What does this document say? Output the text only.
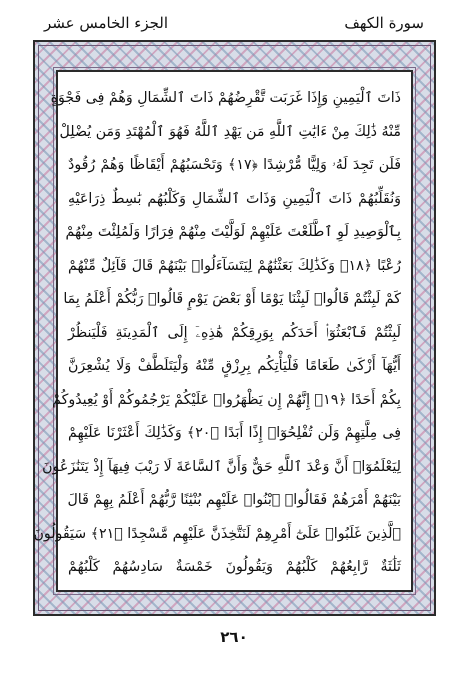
سورة الكهف
الجزء الخامس عشر
ذَاتَ ٱلْيَمِينِ وَإِذَا غَرَبَت تَّقْرِضُهُمْ ذَاتَ ٱلشِّمَالِ وَهُمْ فِى فَجْوَةٍ
مِّنْهُ ذَٰلِكَ مِنْ ءَايَٰتِ ٱللَّهِ مَن يَهْدِ ٱللَّهُ فَهُوَ ٱلْمُهْتَدِ وَمَن يُضْلِلْ
فَلَن تَجِدَ لَهُۥ وَلِيًّا مُّرْشِدًا ﴿١٧﴾ وَتَحْسَبُهُمْ أَيْقَاظًا وَهُمْ رُقُودٌ
وَنُقَلِّبُهُمْ ذَاتَ ٱلْيَمِينِ وَذَاتَ ٱلشِّمَالِ وَكَلْبُهُم بَٰسِطٌ ذِرَاعَيْهِ
بِٱلْوَصِيدِ لَوِ ٱطَّلَعْتَ عَلَيْهِمْ لَوَلَّيْتَ مِنْهُمْ فِرَارًا وَلَمُلِئْتَ مِنْهُمْ
رُعْبًا ﴿١٨﴾ وَكَذَٰلِكَ بَعَثْنَٰهُمْ لِيَتَسَآءَلُوا۟ بَيْنَهُمْ قَالَ قَآئِلٌ مِّنْهُمْ
كَمْ لَبِثْتُمْ قَالُوا۟ لَبِثْنَا يَوْمًا أَوْ بَعْضَ يَوْمٍ قَالُوا۟ رَبُّكُمْ أَعْلَمُ بِمَا
لَبِثْتُمْ فَٱبْعَثُوٓا۟ أَحَدَكُم بِوَرِقِكُمْ هَٰذِهِۦٓ إِلَى ٱلْمَدِينَةِ فَلْيَنظُرْ
أَيُّهَآ أَزْكَىٰ طَعَامًا فَلْيَأْتِكُم بِرِزْقٍ مِّنْهُ وَلْيَتَلَطَّفْ وَلَا يُشْعِرَنَّ
بِكُمْ أَحَدًا ﴿١٩﴾ إِنَّهُمْ إِن يَظْهَرُوا۟ عَلَيْكُمْ يَرْجُمُوكُمْ أَوْ يُعِيدُوكُمْ
فِى مِلَّتِهِمْ وَلَن تُفْلِحُوٓا۟ إِذًا أَبَدًا ﴿٢٠﴾ وَكَذَٰلِكَ أَعْثَرْنَا عَلَيْهِمْ
لِيَعْلَمُوٓا۟ أَنَّ وَعْدَ ٱللَّهِ حَقٌّ وَأَنَّ ٱلسَّاعَةَ لَا رَيْبَ فِيهَآ إِذْ يَتَنَٰزَعُونَ
بَيْنَهُمْ أَمْرَهُمْ فَقَالُوا۟ ٱبْنُوا۟ عَلَيْهِم بُنْيَٰنًا رَّبُّهُمْ أَعْلَمُ بِهِمْ قَالَ
ٱلَّذِينَ غَلَبُوا۟ عَلَىٰٓ أَمْرِهِمْ لَنَتَّخِذَنَّ عَلَيْهِم مَّسْجِدًا ﴿٢١﴾ سَيَقُولُونَ
ثَلَٰثَةٌ رَّابِعُهُمْ كَلْبُهُمْ وَيَقُولُونَ خَمْسَةٌ سَادِسُهُمْ كَلْبُهُمْ
٢٦٠
